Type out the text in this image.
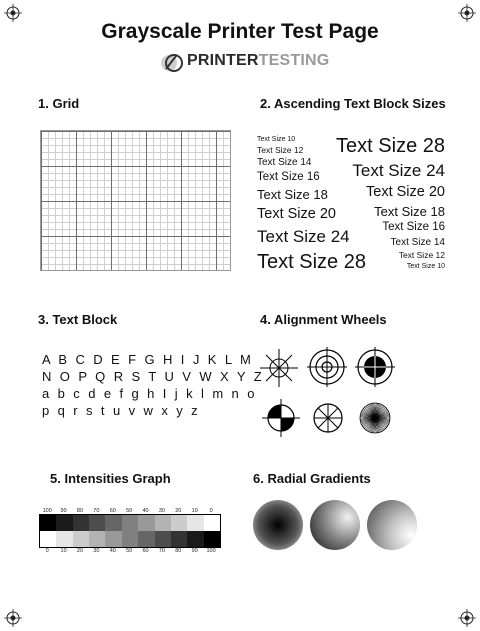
Grayscale Printer Test Page
PRINTERTESTING
1. Grid	2. Ascending Text Block Sizes
3. Text Block	4. Alignment Wheels
5. Intensities Graph	6. Radial Gradients
Text Size 10
Text Size 12
Text Size 14
Text Size 16
Text Size 18
Text Size 20
Text Size 24
Text Size 28
Text Size 28
Text Size 24
Text Size 20
Text Size 18
Text Size 16
Text Size 14
Text Size 12
Text Size 10
A B C D E F G H I J K L M
N O P Q R S T U V W X Y Z
a b c d e f g h I j k l m n o
p q r s t u v w x y z
100	90	80	70	60	50	40	30	20	10	0
0	10	20	30	40	50	60	70	80	90	100
